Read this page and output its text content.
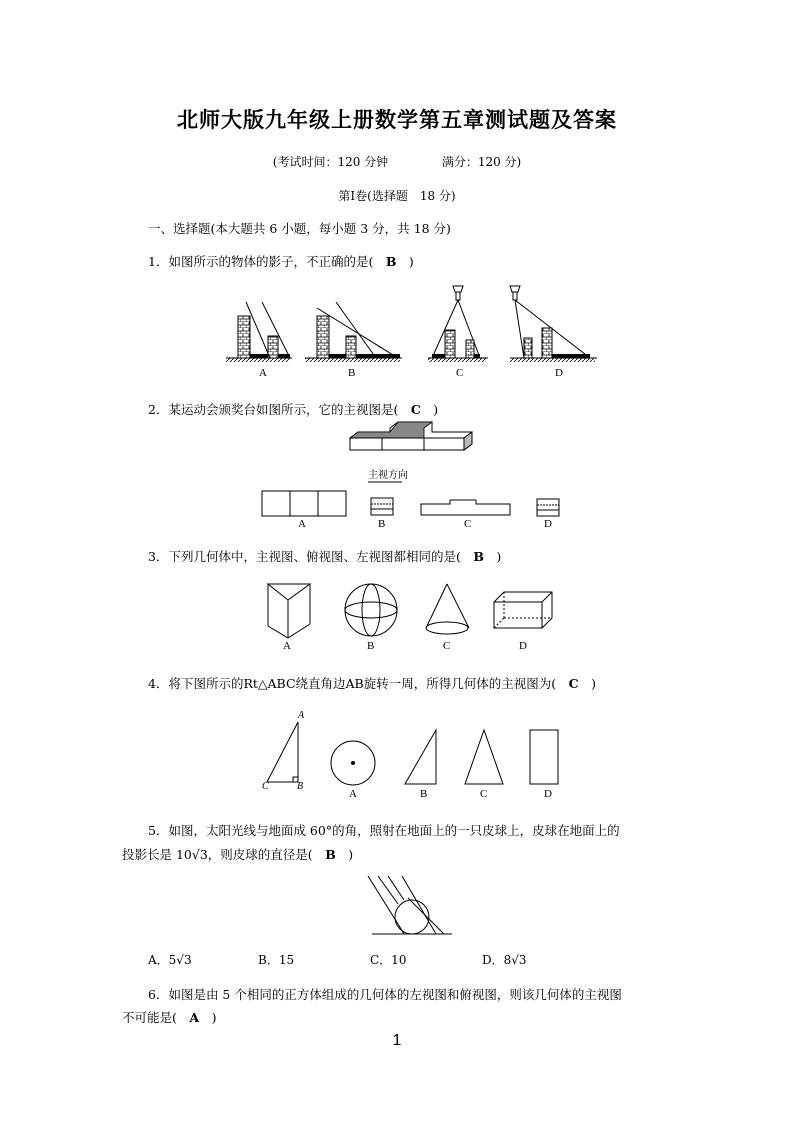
北师大版九年级上册数学第五章测试题及答案
(考试时间：120 分钟	满分：120 分)
第Ⅰ卷(选择题　18 分)
一、选择题(本大题共 6 小题，每小题 3 分，共 18 分)
1．如图所示的物体的影子，不正确的是(　B　)
A	B	C	D
2．某运动会颁奖台如图所示，它的主视图是(　C　)
主视方向
A	B	C	D
3．下列几何体中，主视图、俯视图、左视图都相同的是(　B　)
A	B	C	D
4．将下图所示的Rt△ABC绕直角边AB旋转一周，所得几何体的主视图为(　C　)
A
B
C
A	B	C	D
5．如图，太阳光线与地面成 60°的角，照射在地面上的一只皮球上，皮球在地面上的
投影长是 10√3，则皮球的直径是(　B　)
A．5√3	B．15	C．10	D．8√3
6．如图是由 5 个相同的正方体组成的几何体的左视图和俯视图，则该几何体的主视图
不可能是(　A　)
1
